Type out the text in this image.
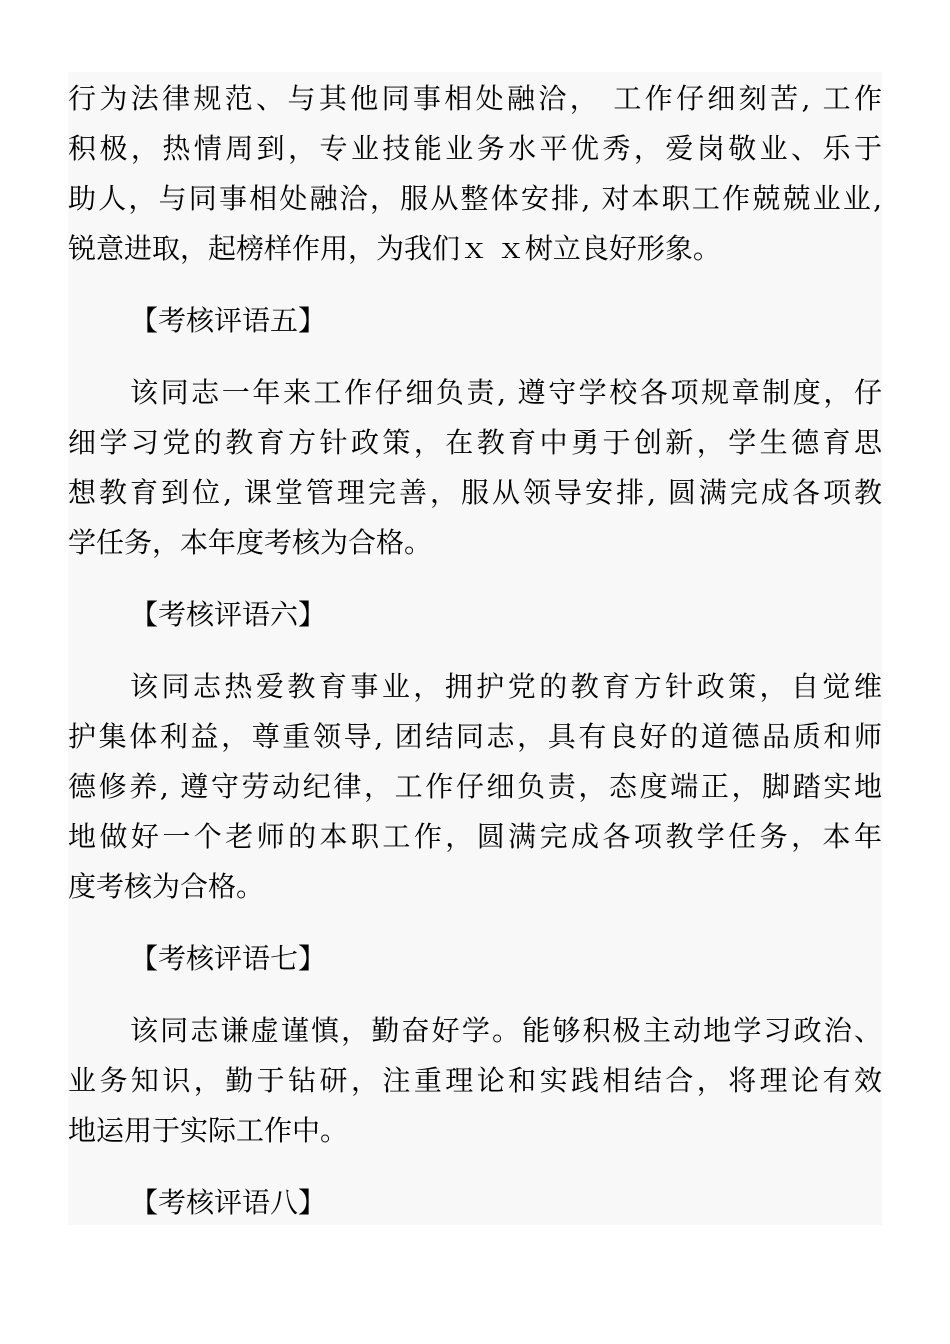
行为法律规范、与其他同事相处融洽， 工作仔细刻苦, 工作
积极，热情周到，专业技能业务水平优秀，爱岗敬业、乐于
助人，与同事相处融洽，服从整体安排, 对本职工作兢兢业业,
锐意进取，起榜样作用，为我们ｘ ｘ树立良好形象。
【考核评语五】
该同志一年来工作仔细负责, 遵守学校各项规章制度，仔
细学习党的教育方针政策，在教育中勇于创新，学生德育思
想教育到位, 课堂管理完善，服从领导安排, 圆满完成各项教
学任务，本年度考核为合格。
【考核评语六】
该同志热爱教育事业，拥护党的教育方针政策，自觉维
护集体利益，尊重领导, 团结同志，具有良好的道德品质和师
德修养, 遵守劳动纪律，工作仔细负责，态度端正，脚踏实地
地做好一个老师的本职工作，圆满完成各项教学任务，本年
度考核为合格。
【考核评语七】
该同志谦虚谨慎，勤奋好学。能够积极主动地学习政治、
业务知识，勤于钻研，注重理论和实践相结合，将理论有效
地运用于实际工作中。
【考核评语八】
